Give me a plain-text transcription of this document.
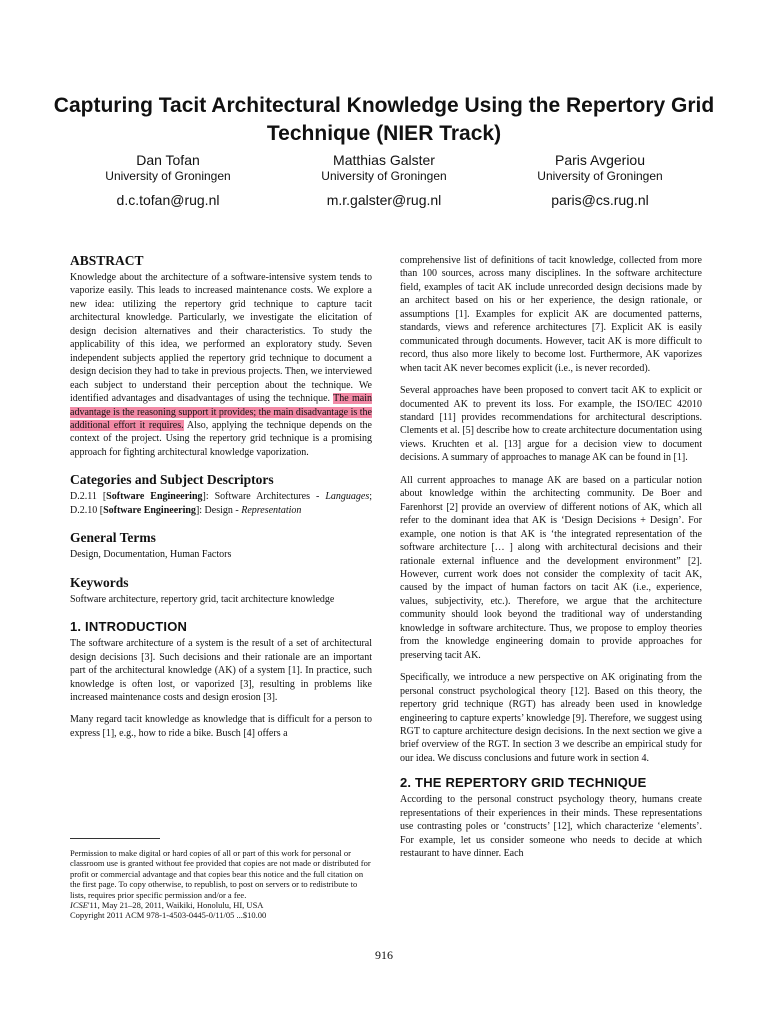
Capturing Tacit Architectural Knowledge Using the Repertory Grid Technique (NIER Track)
Dan Tofan
University of Groningen
d.c.tofan@rug.nl
Matthias Galster
University of Groningen
m.r.galster@rug.nl
Paris Avgeriou
University of Groningen
paris@cs.rug.nl
ABSTRACT

Knowledge about the architecture of a software-intensive system tends to vaporize easily. This leads to increased maintenance costs. We explore a new idea: utilizing the repertory grid technique to capture tacit architectural knowledge. Particularly, we investigate the elicitation of design decision alternatives and their characteristics. To study the applicability of this idea, we performed an exploratory study. Seven independent subjects applied the repertory grid technique to document a design decision they had to take in previous projects. Then, we interviewed each subject to understand their perception about the technique. We identified advantages and disadvantages of using the technique. The main advantage is the reasoning support it provides; the main disadvantage is the additional effort it requires. Also, applying the technique depends on the context of the project. Using the repertory grid technique is a promising approach for fighting architectural knowledge vaporization.

Categories and Subject Descriptors

D.2.11 [Software Engineering]: Software Architectures - Languages; D.2.10 [Software Engineering]: Design - Representation

General Terms

Design, Documentation, Human Factors

Keywords

Software architecture, repertory grid, tacit architecture knowledge

1. INTRODUCTION

The software architecture of a system is the result of a set of architectural design decisions [3]. Such decisions and their rationale are an important part of the architectural knowledge (AK) of a system [1]. In practice, such knowledge is often lost, or vaporized [3], resulting in problems like increased maintenance costs and design erosion [3].

Many regard tacit knowledge as knowledge that is difficult for a person to express [1], e.g., how to ride a bike. Busch [4] offers a

Permission to make digital or hard copies of all or part of this work for personal or classroom use is granted without fee provided that copies are not made or distributed for profit or commercial advantage and that copies bear this notice and the full citation on the first page. To copy otherwise, to republish, to post on servers or to redistribute to lists, requires prior specific permission and/or a fee.

ICSE'11, May 21–28, 2011, Waikiki, Honolulu, HI, USA

Copyright 2011 ACM 978-1-4503-0445-0/11/05 ...$10.00

comprehensive list of definitions of tacit knowledge, collected from more than 100 sources, across many disciplines. In the software architecture field, examples of tacit AK include unrecorded design decisions made by an architect based on his or her experience, the design rationale, or assumptions [1]. Examples for explicit AK are documented patterns, standards, views and reference architectures [7]. Explicit AK is easily communicated through documents. However, tacit AK is more difficult to record, thus also more likely to become lost. Furthermore, AK vaporizes when tacit AK never becomes explicit (i.e., is never recorded).

Several approaches have been proposed to convert tacit AK to explicit or documented AK to prevent its loss. For example, the ISO/IEC 42010 standard [11] provides recommendations for architectural descriptions. Clements et al. [5] describe how to create architecture documentation using views. Kruchten et al. [13] argue for a decision view to document decisions. A summary of approaches to manage AK can be found in [1].

All current approaches to manage AK are based on a particular notion about knowledge within the architecting community. De Boer and Farenhorst [2] provide an overview of different notions of AK, which all refer to the dominant idea that AK is ‘Design Decisions + Design’. For example, one notion is that AK is ‘the integrated representation of the software architecture [… ] along with architectural decisions and their rationale external influence and the development environment” [2]. However, current work does not consider the complexity of tacit AK, caused by the impact of human factors on tacit AK (i.e., experience, values, subjectivity, etc.). Therefore, we argue that the architecture community should look beyond the traditional way of understanding knowledge in software architecture. Thus, we propose to employ theories from the knowledge engineering domain to provide approaches for preserving tacit AK.

Specifically, we introduce a new perspective on AK originating from the personal construct psychological theory [12]. Based on this theory, the repertory grid technique (RGT) has already been used in knowledge engineering to capture experts’ knowledge [9]. Therefore, we suggest using RGT to capture architecture design decisions. In the next section we give a brief overview of the RGT. In section 3 we describe an empirical study for our idea. We discuss conclusions and future work in section 4.

2. THE REPERTORY GRID TECHNIQUE

According to the personal construct psychology theory, humans create representations of their experiences in their minds. These representations use contrasting poles or ‘constructs’ [12], which characterize ‘elements’. For example, let us consider someone who needs to decide at which restaurant to have dinner. Each

916
